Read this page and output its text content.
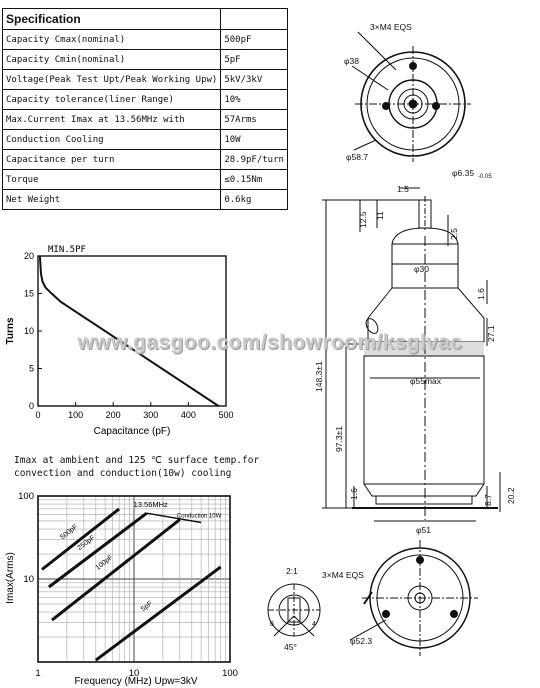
Specification	
Capacity Cmax(nominal)	500pF
Capacity Cmin(nominal)	5pF
Voltage(Peak Test Upt/Peak Working Upw)	5kV/3kV
Capacity tolerance(liner Range)	10%
Max.Current Imax at 13.56MHz with	57Arms
Conduction Cooling	10W
Capacitance per turn	28.9pF/turn
Torque	≤0.15Nm
Net Weight	0.6kg
3×M4 EQS
φ38
φ58.7
φ6.35 -0.05
1.5
12.5 11
2.5
φ30
1.6
27.1
φ55max
148.3±1
97.3±1
1.6
8.7 20.2
φ51
2:1	3×M4 EQS
φ52.3
45°
6	4
MIN.5PF
Capacitance (pF)
Turns
0	100	200	300	400	500
0
5
10
15
20
www.gasgoo.com/showroom/ksglvac
Imax at ambient and 125 ℃ surface temp.for
convection and conduction(10w) cooling
1	10	100
10
100
500pF
250pF
100pF
5pF
13.56MHz
Conduction 10W
Frequency (MHz) Upw=3kV
Imax(Arms)
